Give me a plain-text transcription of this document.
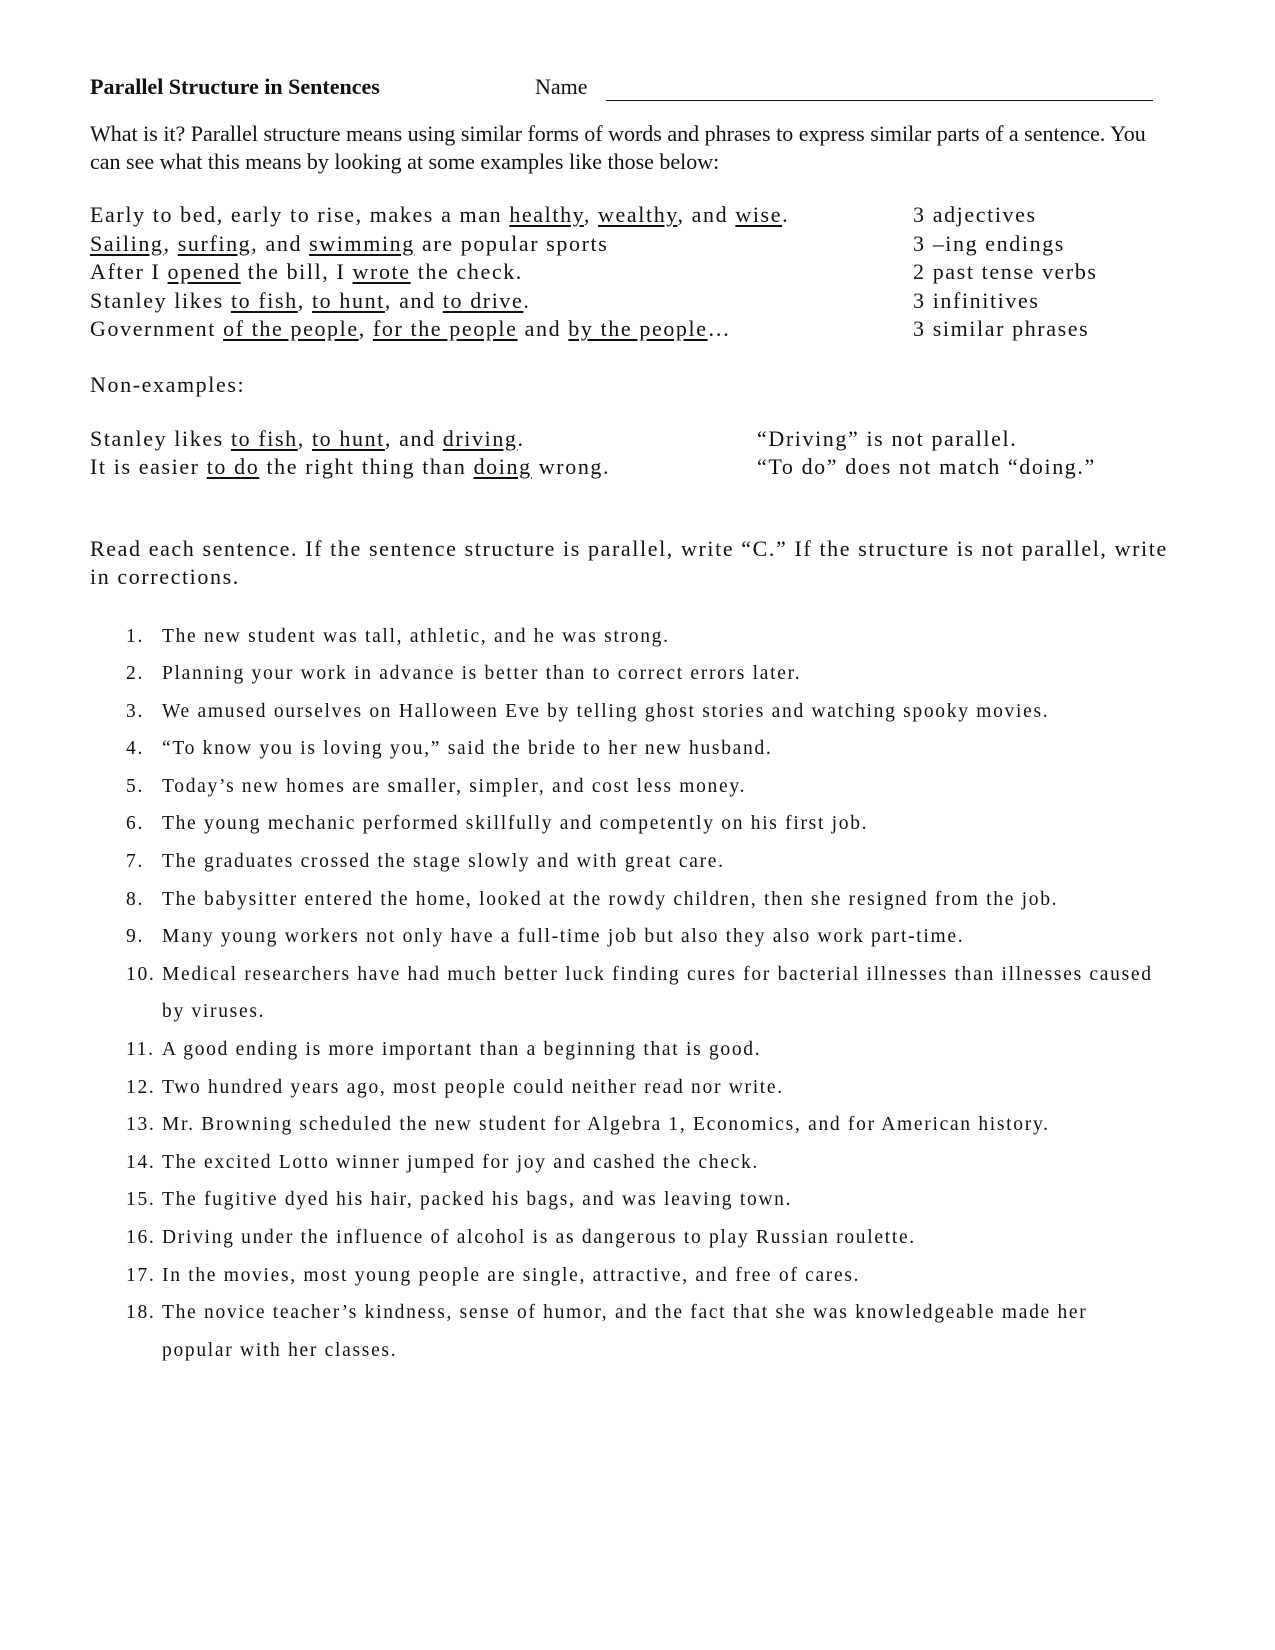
Parallel Structure in Sentences	Name
What is it? Parallel structure means using similar forms of words and phrases to express similar parts of a sentence. You can see what this means by looking at some examples like those below:
Early to bed, early to rise, makes a man healthy, wealthy, and wise.	3 adjectives
Sailing, surfing, and swimming are popular sports	3 –ing endings
After I opened the bill, I wrote the check.	2 past tense verbs
Stanley likes to fish, to hunt, and to drive.	3 infinitives
Government of the people, for the people and by the people…	3 similar phrases
Non-examples:
Stanley likes to fish, to hunt, and driving.	“Driving” is not parallel.
It is easier to do the right thing than doing wrong.	“To do” does not match “doing.”
Read each sentence. If the sentence structure is parallel, write “C.” If the structure is not parallel, write in corrections.
1. The new student was tall, athletic, and he was strong.
2. Planning your work in advance is better than to correct errors later.
3. We amused ourselves on Halloween Eve by telling ghost stories and watching spooky movies.
4. “To know you is loving you,” said the bride to her new husband.
5. Today’s new homes are smaller, simpler, and cost less money.
6. The young mechanic performed skillfully and competently on his first job.
7. The graduates crossed the stage slowly and with great care.
8. The babysitter entered the home, looked at the rowdy children, then she resigned from the job.
9. Many young workers not only have a full-time job but also they also work part-time.
10. Medical researchers have had much better luck finding cures for bacterial illnesses than illnesses caused by viruses.
11. A good ending is more important than a beginning that is good.
12. Two hundred years ago, most people could neither read nor write.
13. Mr. Browning scheduled the new student for Algebra 1, Economics, and for American history.
14. The excited Lotto winner jumped for joy and cashed the check.
15. The fugitive dyed his hair, packed his bags, and was leaving town.
16. Driving under the influence of alcohol is as dangerous to play Russian roulette.
17. In the movies, most young people are single, attractive, and free of cares.
18. The novice teacher’s kindness, sense of humor, and the fact that she was knowledgeable made her popular with her classes.
